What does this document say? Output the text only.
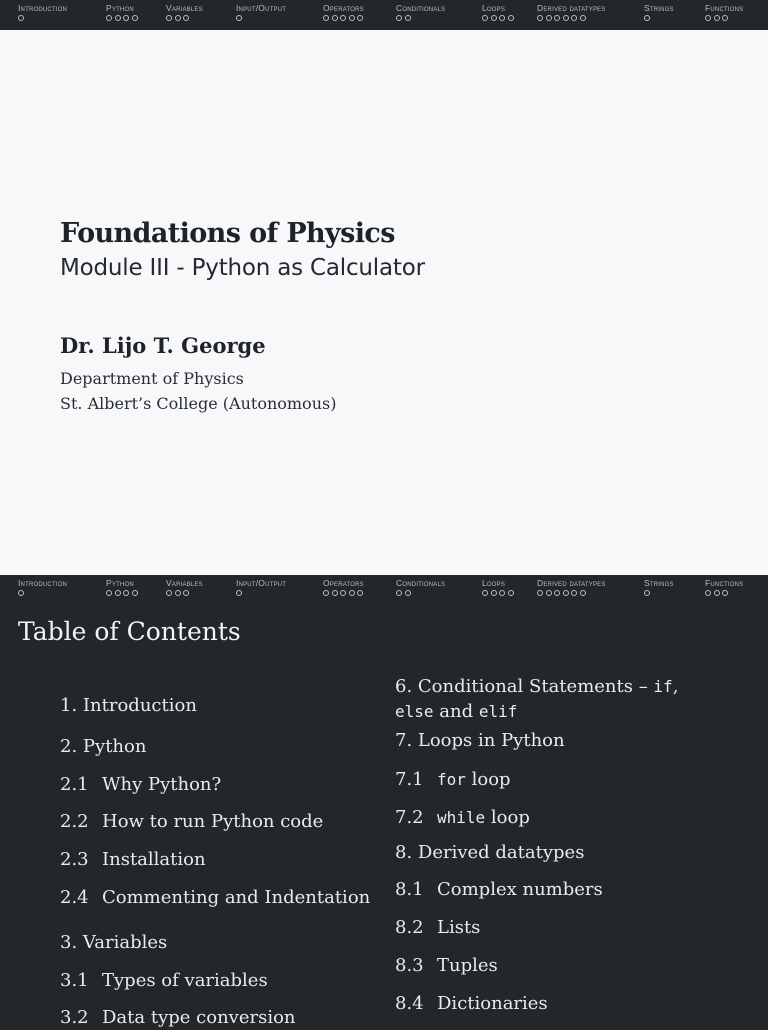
Introduction	Python	Variables	Input/Output	Operators	Conditionals	Loops	Derived datatypes	Strings	Functions
Foundations of Physics
Module III - Python as Calculator
Dr. Lijo T. George
Department of Physics
St. Albert’s College (Autonomous)
Introduction	Python	Variables	Input/Output	Operators	Conditionals	Loops	Derived datatypes	Strings	Functions
Table of Contents
1. Introduction
2. Python
2.1 Why Python?
2.2 How to run Python code
2.3 Installation
2.4 Commenting and Indentation
3. Variables
3.1 Types of variables
3.2 Data type conversion
6. Conditional Statements – if,
else and elif
7. Loops in Python
7.1 for loop
7.2 while loop
8. Derived datatypes
8.1 Complex numbers
8.2 Lists
8.3 Tuples
8.4 Dictionaries
